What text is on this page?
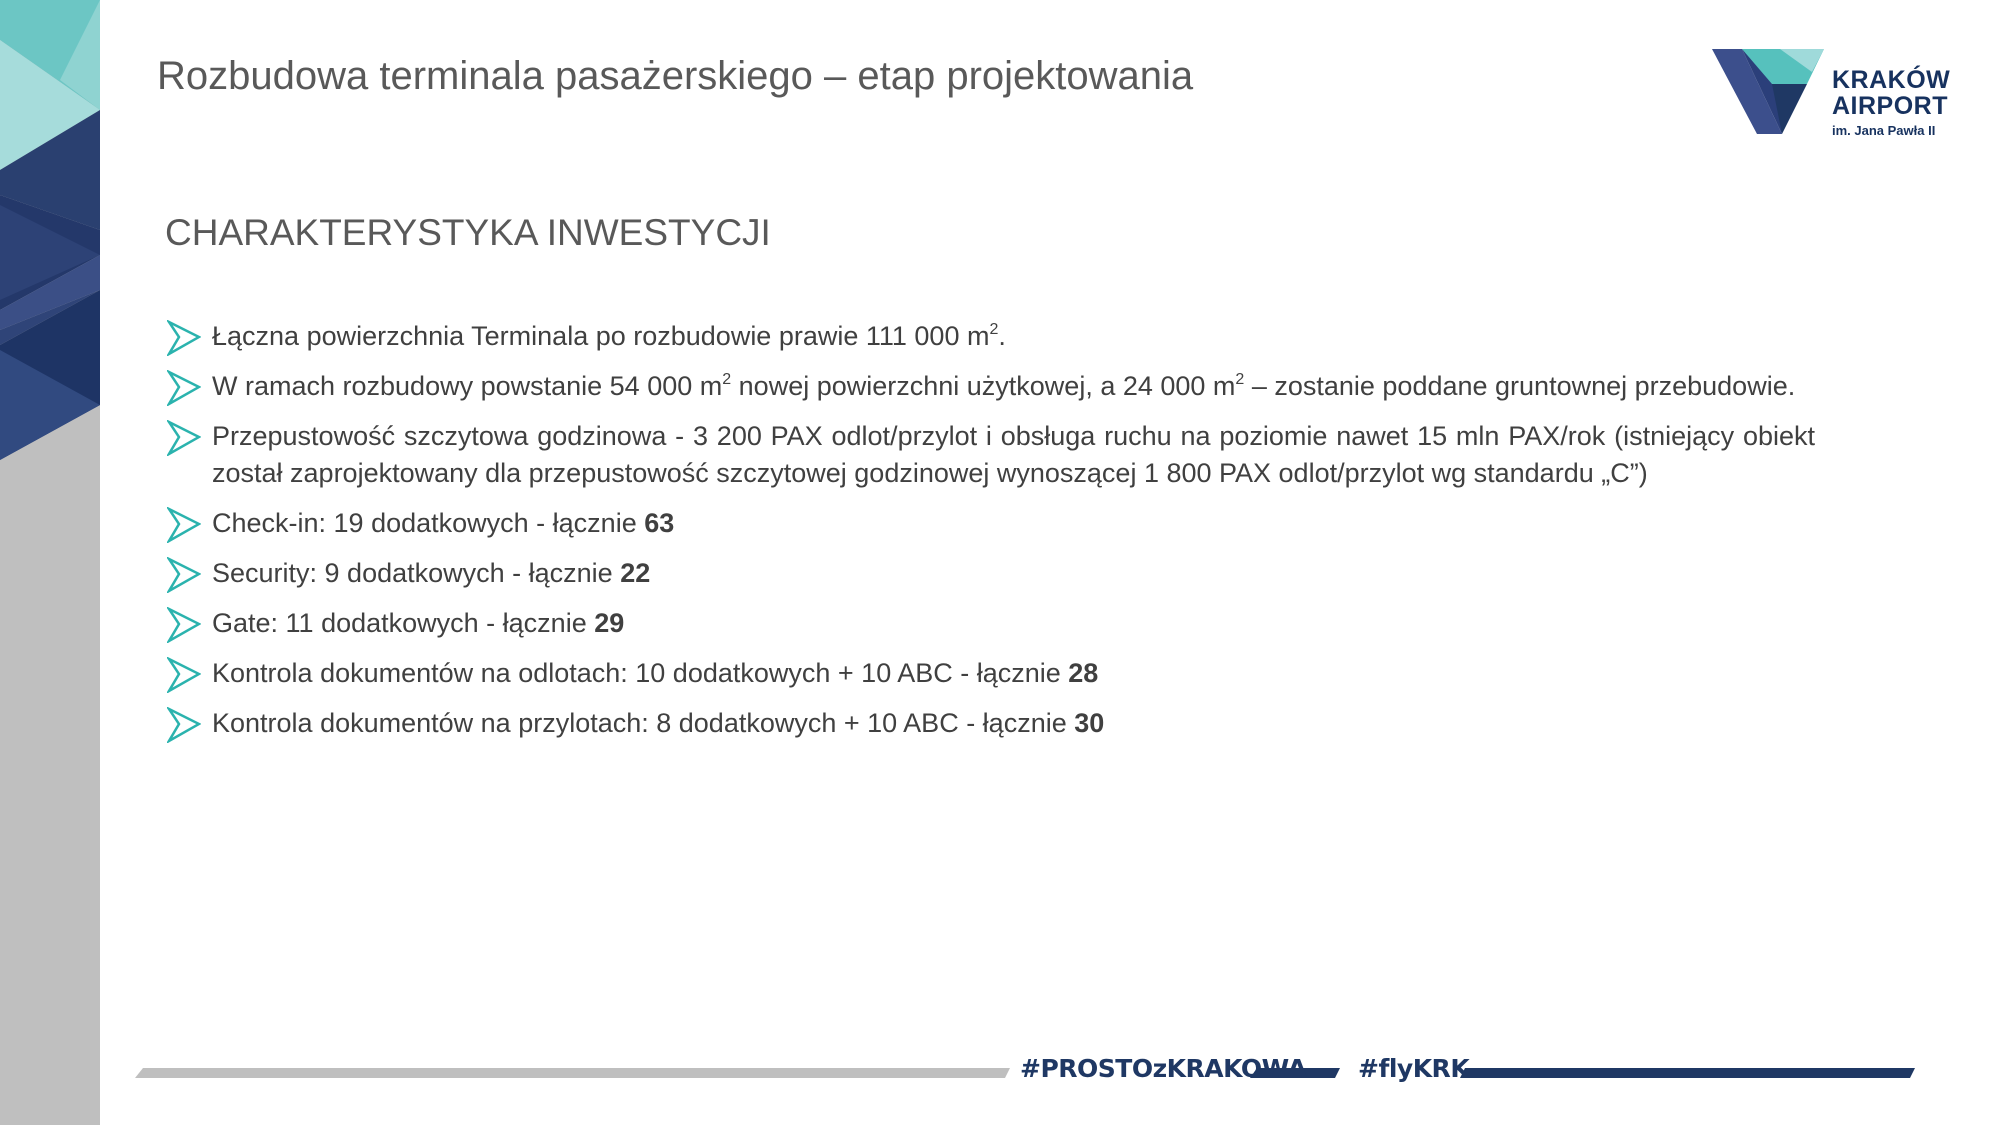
Rozbudowa terminala pasażerskiego – etap projektowania	KRAKÓW
AIRPORT
im. Jana Pawła II
CHARAKTERYSTYKA INWESTYCJI
Łączna powierzchnia Terminala po rozbudowie prawie 111 000 $m^2$.
W ramach rozbudowy powstanie 54 000 $m^2$ nowej powierzchni użytkowej, a 24 000 $m^2$ – zostanie poddane gruntownej przebudowie.
Przepustowość szczytowa godzinowa - 3 200 PAX odlot/przylot i obsługa ruchu na poziomie nawet 15 mln PAX/rok (istniejący obiekt został zaprojektowany dla przepustowość szczytowej godzinowej wynoszącej 1 800 PAX odlot/przylot wg standardu „C”)
Check-in: 19 dodatkowych - łącznie 63
Security: 9 dodatkowych - łącznie 22
Gate: 11 dodatkowych - łącznie 29
Kontrola dokumentów na odlotach: 10 dodatkowych + 10 ABC - łącznie 28
Kontrola dokumentów na przylotach: 8 dodatkowych + 10 ABC - łącznie 30
#PROSTOzKRAKOWA #flyKRK
